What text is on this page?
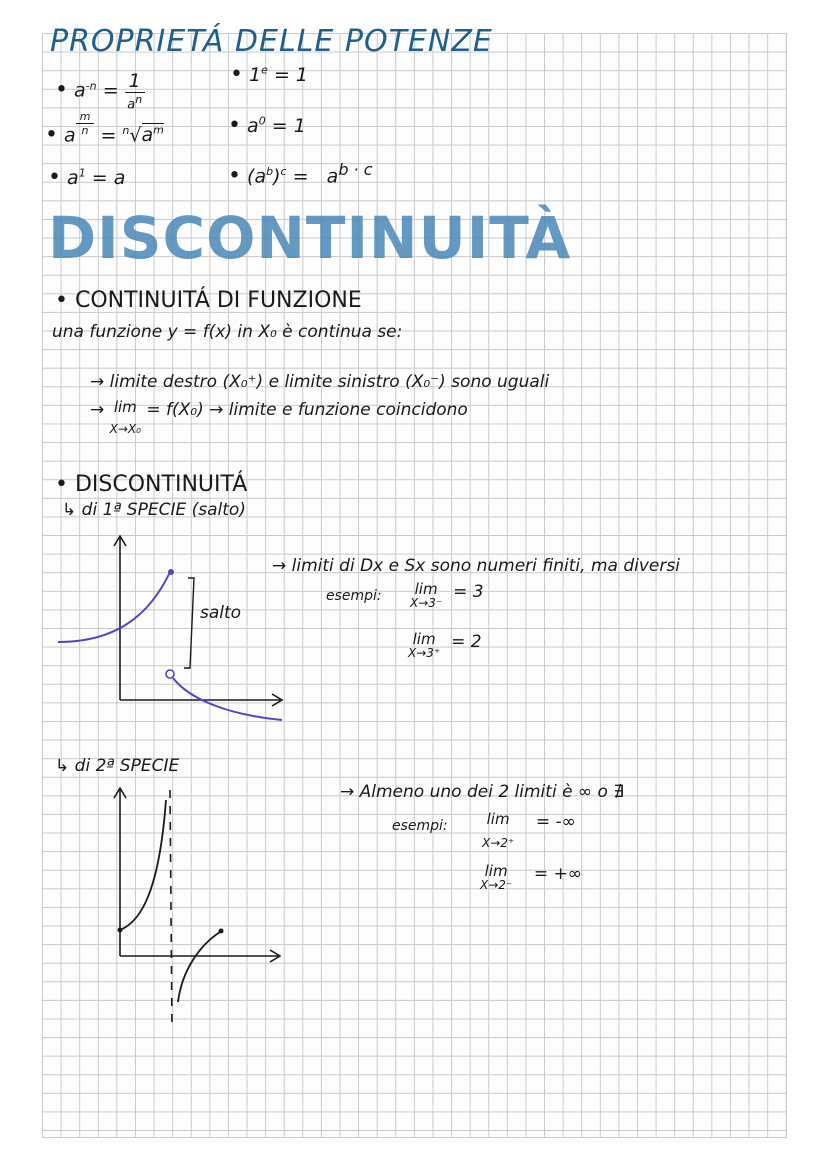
PROPRIETÁ DELLE POTENZE
• $a^{-n} = \frac{1}{a^n}$	• $1^e = 1$
• a $\frac{m}{n} = ^n√a^m$	• $a^0 = 1$
• $a^1 = a$	• $(a^b)^c = a^{b \cdot c}$
DISCONTINUITÀ
• CONTINUITÁ DI FUNZIONE
una funzione y = f(x) in X₀ è continua se:
→ limite destro (X₀⁺) e limite sinistro (X₀⁻) sono uguali
→ lim
X→X₀
= f(X₀) → limite e funzione coincidono
• DISCONTINUITÁ
↳ di 1ª SPECIE (salto)
salto
→ limiti di Dx e Sx sono numeri finiti, ma diversi
esempi:	lim
X→3⁻
= 3
lim
X→3⁺
= 2
↳ di 2ª SPECIE
→ Almeno uno dei 2 limiti è ∞ o ∄
esempi:	lim
X→2⁺
= -∞
lim
X→2⁻
= +∞
